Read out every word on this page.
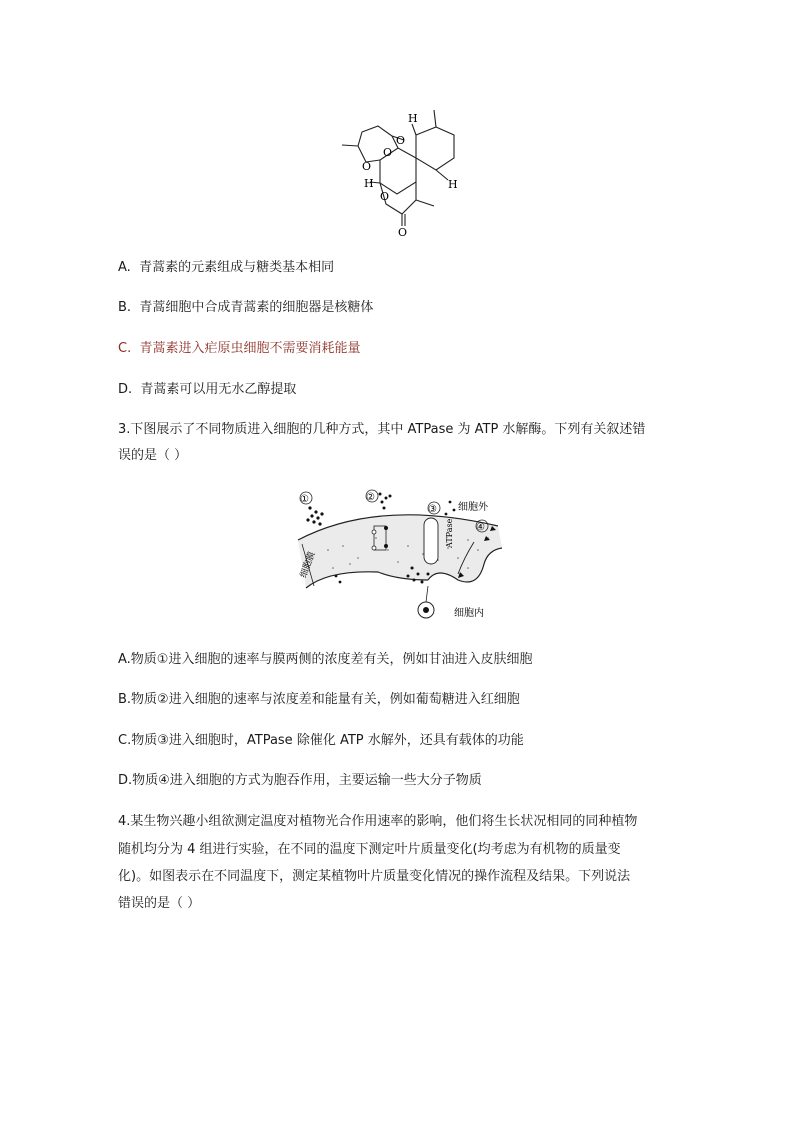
H
O
O
O
H
O
H
O
A. 青蒿素的元素组成与糖类基本相同
B. 青蒿细胞中合成青蒿素的细胞器是核糖体
C. 青蒿素进入疟原虫细胞不需要消耗能量
D. 青蒿素可以用无水乙醇提取
3.下图展示了不同物质进入细胞的几种方式，其中 ATPase 为 ATP 水解酶。下列有关叙述错
误的是（ ）
细胞膜
①	②
③
ATPase
细胞外
④
细胞内
A.物质①进入细胞的速率与膜两侧的浓度差有关，例如甘油进入皮肤细胞
B.物质②进入细胞的速率与浓度差和能量有关，例如葡萄糖进入红细胞
C.物质③进入细胞时，ATPase 除催化 ATP 水解外，还具有载体的功能
D.物质④进入细胞的方式为胞吞作用，主要运输一些大分子物质
4.某生物兴趣小组欲测定温度对植物光合作用速率的影响，他们将生长状况相同的同种植物
随机均分为 4 组进行实验，在不同的温度下测定叶片质量变化(均考虑为有机物的质量变
化)。如图表示在不同温度下，测定某植物叶片质量变化情况的操作流程及结果。下列说法
错误的是（ ）
